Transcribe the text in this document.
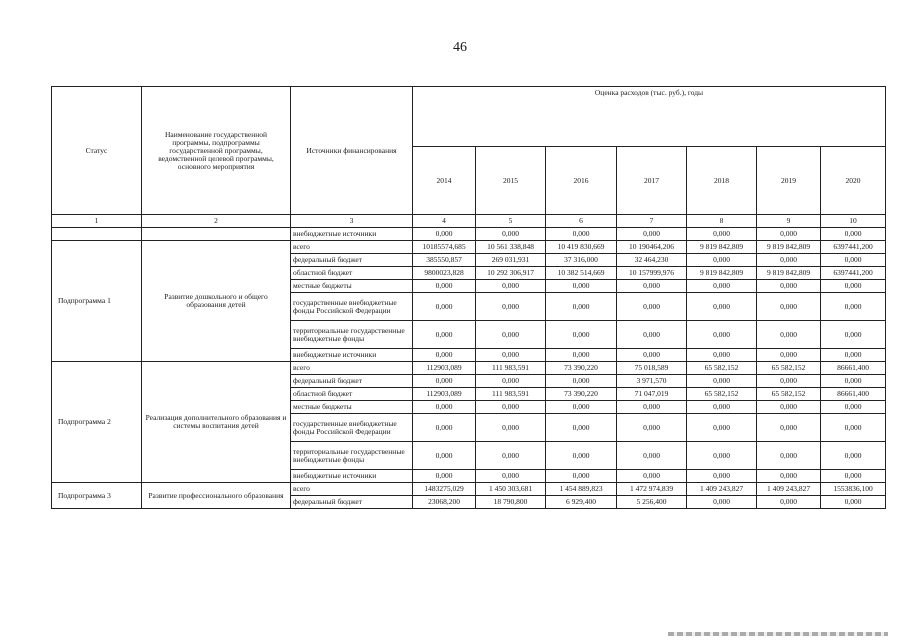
46
Статус	Наименование государственной программы, подпрограммы государственной программы, ведомственной целевой программы, основного мероприятия	Источники финансирования	Оценка расходов (тыс. руб.), годы						
			2014	2015	2016	2017	2018	2019	2020
1	2	3	4	5	6	7	8	9	10
		внебюджетные источники	0,000	0,000	0,000	0,000	0,000	0,000	0,000
Подпрограмма 1	Развитие дошкольного и общего образования детей	всего	10185574,685	10 561 338,848	10 419 830,669	10 190464,206	9 819 842,809	9 819 842,809	6397441,200
		федеральный бюджет	385550,857	269 031,931	37 316,000	32 464,230	0,000	0,000	0,000
		областной бюджет	9800023,828	10 292 306,917	10 382 514,669	10 157999,976	9 819 842,809	9 819 842,809	6397441,200
		местные бюджеты	0,000	0,000	0,000	0,000	0,000	0,000	0,000
		государственные внебюджетные фонды Российской Федерации	0,000	0,000	0,000	0,000	0,000	0,000	0,000
		территориальные государственные внебюджетные фонды	0,000	0,000	0,000	0,000	0,000	0,000	0,000
		внебюджетные источники	0,000	0,000	0,000	0,000	0,000	0,000	0,000
Подпрограмма 2	Реализация дополнительного образования и системы воспитания детей	всего	112903,089	111 983,591	73 390,220	75 018,589	65 582,152	65 582,152	86661,400
		федеральный бюджет	0,000	0,000	0,000	3 971,570	0,000	0,000	0,000
		областной бюджет	112903,089	111 983,591	73 390,220	71 047,019	65 582,152	65 582,152	86661,400
		местные бюджеты	0,000	0,000	0,000	0,000	0,000	0,000	0,000
		государственные внебюджетные фонды Российской Федерации	0,000	0,000	0,000	0,000	0,000	0,000	0,000
		территориальные государственные внебюджетные фонды	0,000	0,000	0,000	0,000	0,000	0,000	0,000
		внебюджетные источники	0,000	0,000	0,000	0,000	0,000	0,000	0,000
Подпрограмма 3	Развитие профессионального образования	всего	1483275,029	1 450 303,681	1 454 889,823	1 472 974,839	1 409 243,827	1 409 243,827	1553836,100
		федеральный бюджет	23068,200	18 790,800	6 929,400	5 256,400	0,000	0,000	0,000
